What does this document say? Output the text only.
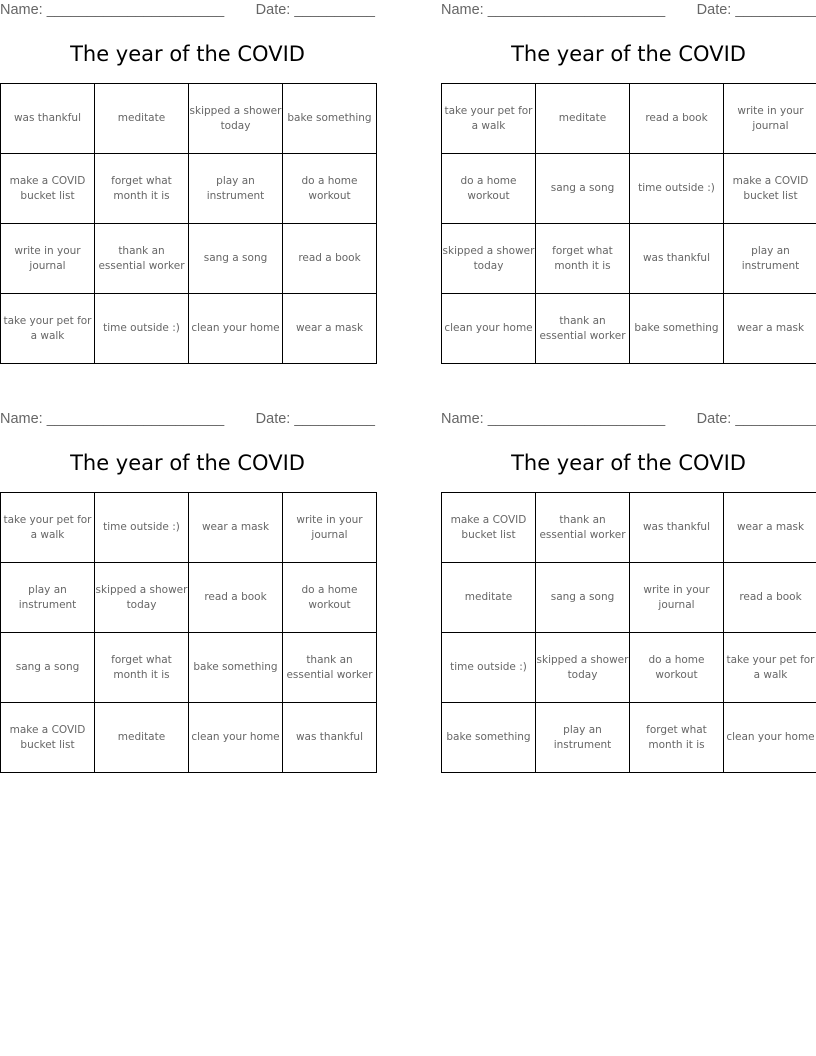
Name: ______________________ Date: __________
The year of the COVID
was thankful	meditate	skipped a shower today	bake something
make a COVID bucket list	forget what month it is	play an instrument	do a home workout
write in your journal	thank an essential worker	sang a song	read a book
take your pet for a walk	time outside :)	clean your home	wear a mask
Name: ______________________ Date: __________
The year of the COVID
take your pet for a walk	meditate	read a book	write in your journal
do a home workout	sang a song	time outside :)	make a COVID bucket list
skipped a shower today	forget what month it is	was thankful	play an instrument
clean your home	thank an essential worker	bake something	wear a mask
Name: ______________________ Date: __________
The year of the COVID
take your pet for a walk	time outside :)	wear a mask	write in your journal
play an instrument	skipped a shower today	read a book	do a home workout
sang a song	forget what month it is	bake something	thank an essential worker
make a COVID bucket list	meditate	clean your home	was thankful
Name: ______________________ Date: __________
The year of the COVID
make a COVID bucket list	thank an essential worker	was thankful	wear a mask
meditate	sang a song	write in your journal	read a book
time outside :)	skipped a shower today	do a home workout	take your pet for a walk
bake something	play an instrument	forget what month it is	clean your home
